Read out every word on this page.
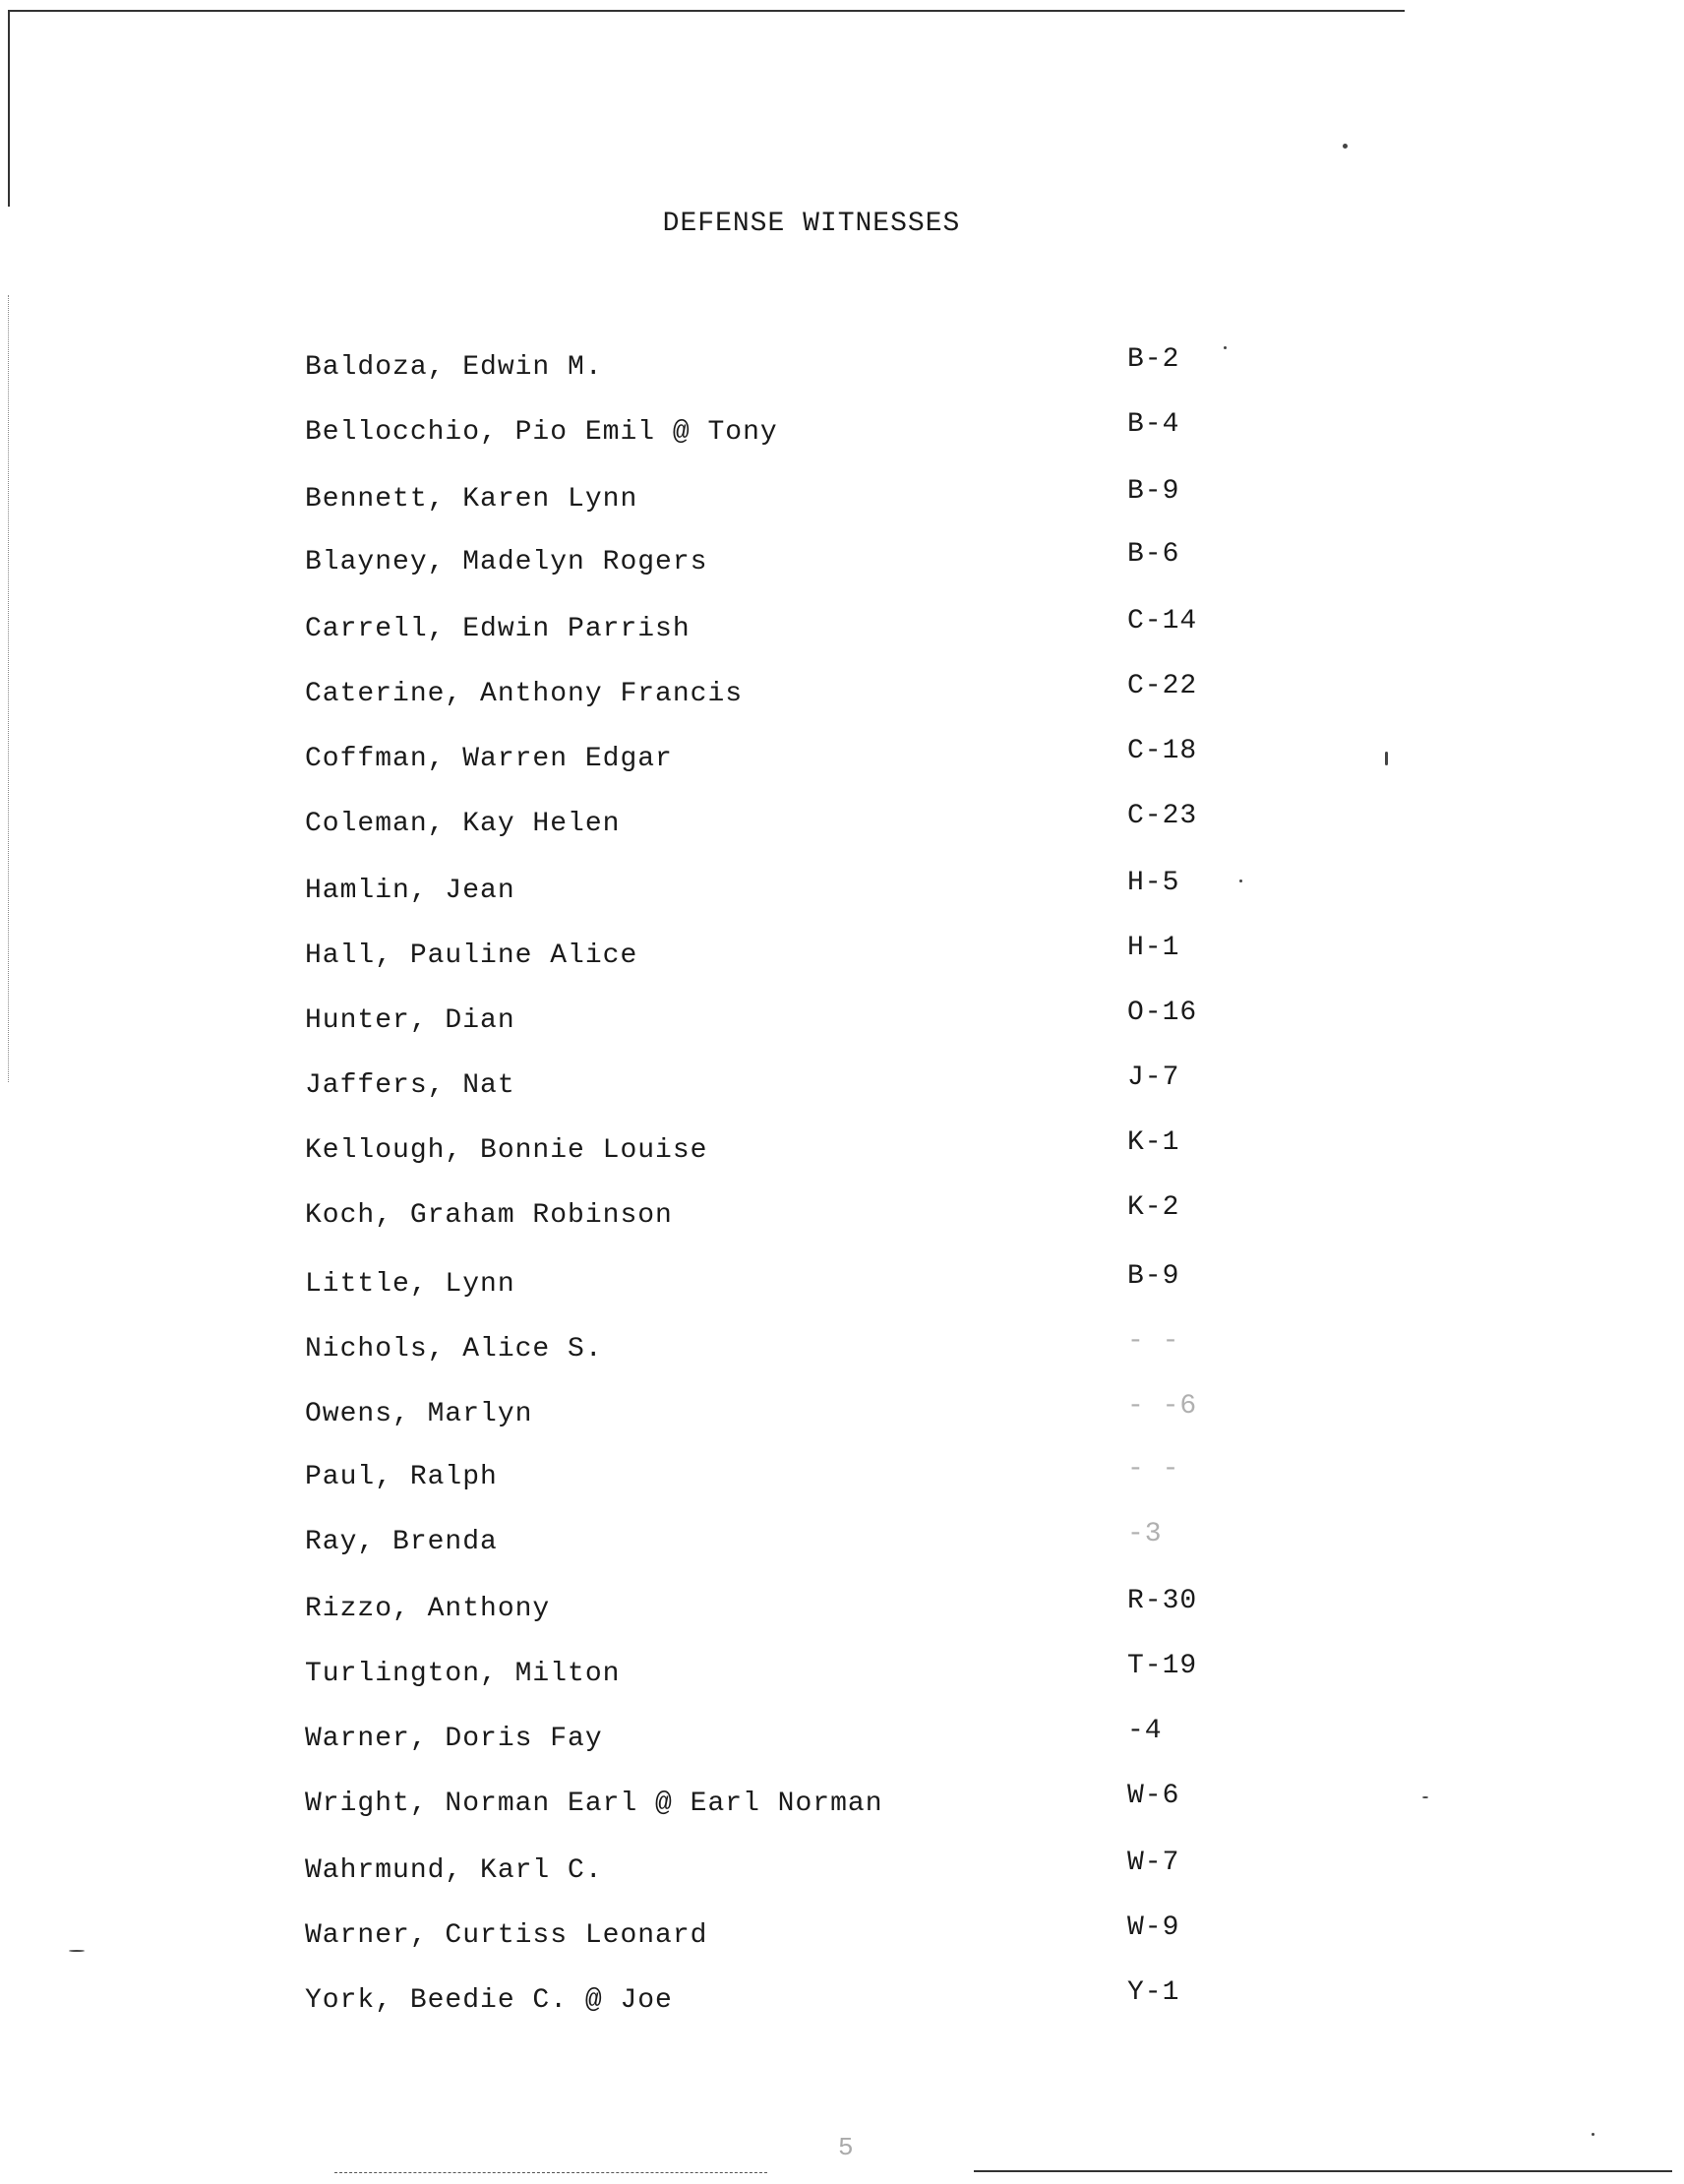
DEFENSE WITNESSES
Baldoza, Edwin M.	B-2
Bellocchio, Pio Emil @ Tony	B-4
Bennett, Karen Lynn	B-9
Blayney, Madelyn Rogers	B-6
Carrell, Edwin Parrish	C-14
Caterine, Anthony Francis	C-22
Coffman, Warren Edgar	C-18
Coleman, Kay Helen	C-23
Hamlin, Jean	H-5
Hall, Pauline Alice	H-1
Hunter, Dian	O-16
Jaffers, Nat	J-7
Kellough, Bonnie Louise	K-1
Koch, Graham Robinson	K-2
Little, Lynn	B-9
Nichols, Alice S.	- -
Owens, Marlyn	- -6
Paul, Ralph	- -
Ray, Brenda	-3
Rizzo, Anthony	R-30
Turlington, Milton	T-19
Warner, Doris Fay	-4
Wright, Norman Earl @ Earl Norman	W-6
Wahrmund, Karl C.	W-7
Warner, Curtiss Leonard	W-9
York, Beedie C. @ Joe	Y-1
5
